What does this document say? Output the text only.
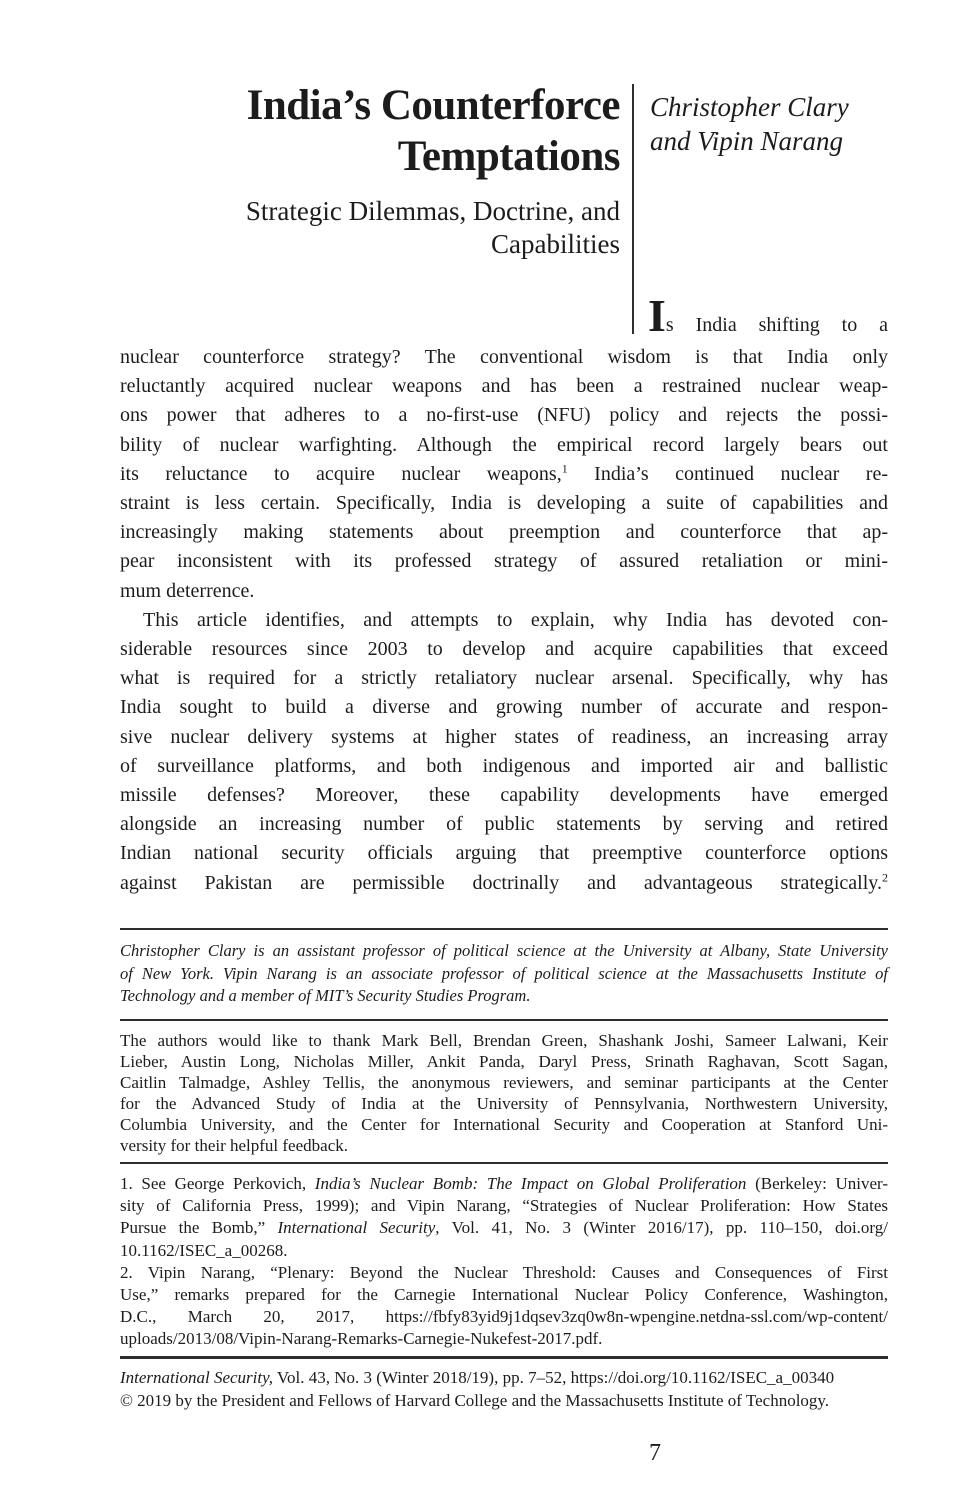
India’s Counterforce
Temptations
Strategic Dilemmas, Doctrine, and
Capabilities
Christopher Clary
and Vipin Narang
Is India shifting to a
nuclear counterforce strategy? The conventional wisdom is that India only
reluctantly acquired nuclear weapons and has been a restrained nuclear weap-
ons power that adheres to a no-first-use (NFU) policy and rejects the possi-
bility of nuclear warfighting. Although the empirical record largely bears out
its reluctance to acquire nuclear weapons,$^1$ India’s continued nuclear re-
straint is less certain. Specifically, India is developing a suite of capabilities and
increasingly making statements about preemption and counterforce that ap-
pear inconsistent with its professed strategy of assured retaliation or mini-
mum deterrence.
This article identifies, and attempts to explain, why India has devoted con-
siderable resources since 2003 to develop and acquire capabilities that exceed
what is required for a strictly retaliatory nuclear arsenal. Specifically, why has
India sought to build a diverse and growing number of accurate and respon-
sive nuclear delivery systems at higher states of readiness, an increasing array
of surveillance platforms, and both indigenous and imported air and ballistic
missile defenses? Moreover, these capability developments have emerged
alongside an increasing number of public statements by serving and retired
Indian national security officials arguing that preemptive counterforce options
against Pakistan are permissible doctrinally and advantageous strategically.$^2$
Christopher Clary is an assistant professor of political science at the University at Albany, State University
of New York. Vipin Narang is an associate professor of political science at the Massachusetts Institute of
Technology and a member of MIT’s Security Studies Program.
The authors would like to thank Mark Bell, Brendan Green, Shashank Joshi, Sameer Lalwani, Keir
Lieber, Austin Long, Nicholas Miller, Ankit Panda, Daryl Press, Srinath Raghavan, Scott Sagan,
Caitlin Talmadge, Ashley Tellis, the anonymous reviewers, and seminar participants at the Center
for the Advanced Study of India at the University of Pennsylvania, Northwestern University,
Columbia University, and the Center for International Security and Cooperation at Stanford Uni-
versity for their helpful feedback.
1. See George Perkovich, India’s Nuclear Bomb: The Impact on Global Proliferation (Berkeley: Univer-
sity of California Press, 1999); and Vipin Narang, “Strategies of Nuclear Proliferation: How States
Pursue the Bomb,” International Security, Vol. 41, No. 3 (Winter 2016/17), pp. 110–150, doi.org/
10.1162/ISEC_a_00268.
2. Vipin Narang, “Plenary: Beyond the Nuclear Threshold: Causes and Consequences of First
Use,” remarks prepared for the Carnegie International Nuclear Policy Conference, Washington,
D.C., March 20, 2017, https://fbfy83yid9j1dqsev3zq0w8n-wpengine.netdna-ssl.com/wp-content/
uploads/2013/08/Vipin-Narang-Remarks-Carnegie-Nukefest-2017.pdf.
International Security, Vol. 43, No. 3 (Winter 2018/19), pp. 7–52, https://doi.org/10.1162/ISEC_a_00340
© 2019 by the President and Fellows of Harvard College and the Massachusetts Institute of Technology.
7
